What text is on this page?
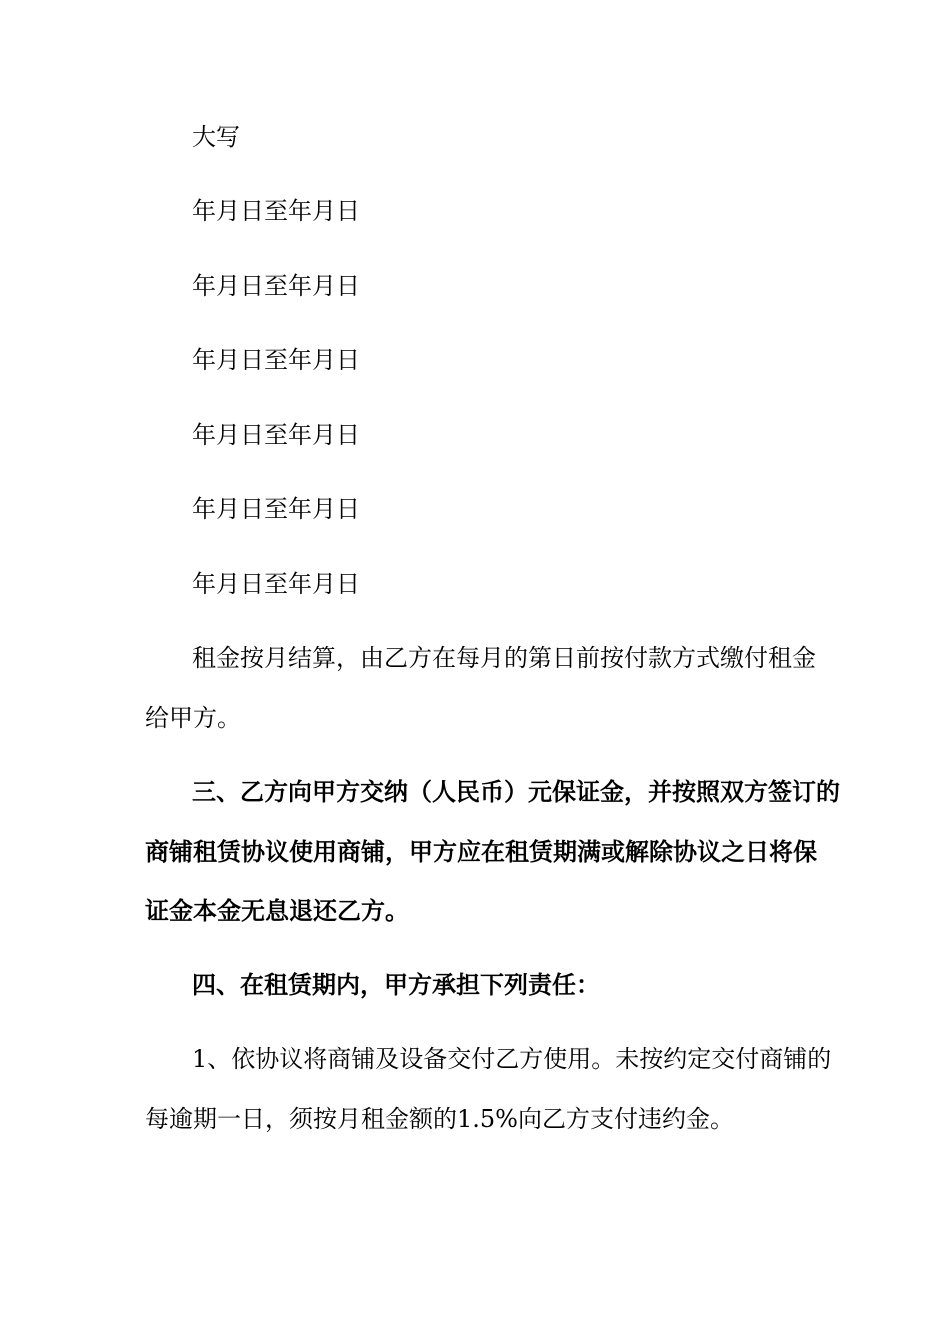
大写
年月日至年月日
年月日至年月日
年月日至年月日
年月日至年月日
年月日至年月日
年月日至年月日
租金按月结算，由乙方在每月的第日前按付款方式缴付租金
给甲方。
三、乙方向甲方交纳（人民币）元保证金，并按照双方签订的
商铺租赁协议使用商铺，甲方应在租赁期满或解除协议之日将保
证金本金无息退还乙方。
四、在租赁期内，甲方承担下列责任：
1、依协议将商铺及设备交付乙方使用。未按约定交付商铺的
每逾期一日，须按月租金额的1.5%向乙方支付违约金。
